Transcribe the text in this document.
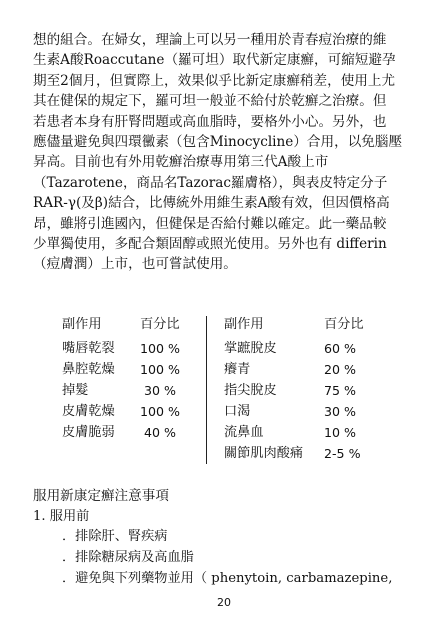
想的組合。在婦女，理論上可以另一種用於青春痘治療的維
生素A酸Roaccutane（羅可坦）取代新定康癬，可縮短避孕
期至2個月，但實際上，效果似乎比新定康癬稍差，使用上尤
其在健保的規定下，羅可坦一般並不給付於乾癬之治療。但
若患者本身有肝腎問題或高血脂時，要格外小心。另外，也
應儘量避免與四環黴素（包含Minocycline）合用，以免腦壓
昇高。目前也有外用乾癬治療專用第三代A酸上市
（Tazarotene，商品名Tazorac羅膚格），與表皮特定分子
RAR-γ(及β)結合，比傳統外用維生素A酸有效，但因價格高
昂，雖將引進國內，但健保是否給付難以確定。此一藥品較
少單獨使用，多配合類固醇或照光使用。另外也有 differin
（痘膚潤）上市，也可嘗試使用。
副作用
嘴唇乾裂
鼻腔乾燥
掉髮
皮膚乾燥
皮膚脆弱
百分比
100 %
100 %
30 %
100 %
40 %
副作用
掌蹠脫皮
癢青
指尖脫皮
口渴
流鼻血
關節肌肉酸痛
百分比
60 %
20 %
75 %
30 %
10 %
2-5 %

服用新康定癬注意事項

1. 服用前

．排除肝、腎疾病
．排除糖尿病及高血脂
．避免與下列藥物並用（ phenytoin, carbamazepine,
20
